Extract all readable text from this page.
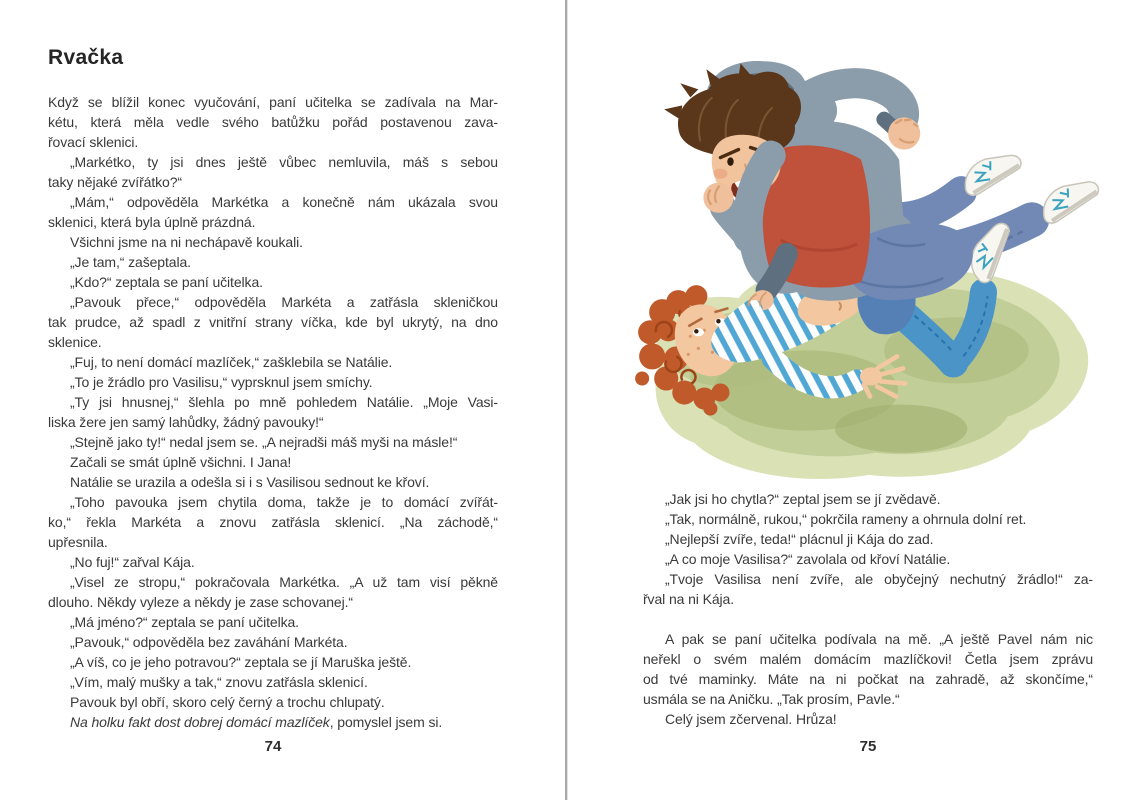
Rvačka
Když se blížil konec vyučování, paní učitelka se zadívala na Mar-
kétu, která měla vedle svého batůžku pořád postavenou zava-
řovací sklenici.
„Markétko, ty jsi dnes ještě vůbec nemluvila, máš s sebou
taky nějaké zvířátko?“
„Mám,“ odpověděla Markétka a konečně nám ukázala svou
sklenici, která byla úplně prázdná.
Všichni jsme na ni nechápavě koukali.
„Je tam,“ zašeptala.
„Kdo?“ zeptala se paní učitelka.
„Pavouk přece,“ odpověděla Markéta a zatřásla skleničkou
tak prudce, až spadl z vnitřní strany víčka, kde byl ukrytý, na dno
sklenice.
„Fuj, to není domácí mazlíček,“ zašklebila se Natálie.
„To je žrádlo pro Vasilisu,“ vyprsknul jsem smíchy.
„Ty jsi hnusnej,“ šlehla po mně pohledem Natálie. „Moje Vasi-
liska žere jen samý lahůdky, žádný pavouky!“
„Stejně jako ty!“ nedal jsem se. „A nejradši máš myši na másle!“
Začali se smát úplně všichni. I Jana!
Natálie se urazila a odešla si i s Vasilisou sednout ke křoví.
„Toho pavouka jsem chytila doma, takže je to domácí zvířát-
ko,“ řekla Markéta a znovu zatřásla sklenicí. „Na záchodě,“
upřesnila.
„No fuj!“ zařval Kája.
„Visel ze stropu,“ pokračovala Markétka. „A už tam visí pěkně
dlouho. Někdy vyleze a někdy je zase schovanej.“
„Má jméno?“ zeptala se paní učitelka.
„Pavouk,“ odpověděla bez zaváhání Markéta.
„A víš, co je jeho potravou?“ zeptala se jí Maruška ještě.
„Vím, malý mušky a tak,“ znovu zatřásla sklenicí.
Pavouk byl obří, skoro celý černý a trochu chlupatý.
Na holku fakt dost dobrej domácí mazlíček, pomyslel jsem si.
74
„Jak jsi ho chytla?“ zeptal jsem se jí zvědavě.
„Tak, normálně, rukou,“ pokrčila rameny a ohrnula dolní ret.
„Nejlepší zvíře, teda!“ plácnul ji Kája do zad.
„A co moje Vasilisa?“ zavolala od křoví Natálie.
„Tvoje Vasilisa není zvíře, ale obyčejný nechutný žrádlo!“ za-
řval na ni Kája.
A pak se paní učitelka podívala na mě. „A ještě Pavel nám nic
neřekl o svém malém domácím mazlíčkovi! Četla jsem zprávu
od tvé maminky. Máte na ni počkat na zahradě, až skončíme,“
usmála se na Aničku. „Tak prosím, Pavle.“
Celý jsem zčervenal. Hrůza!
75
